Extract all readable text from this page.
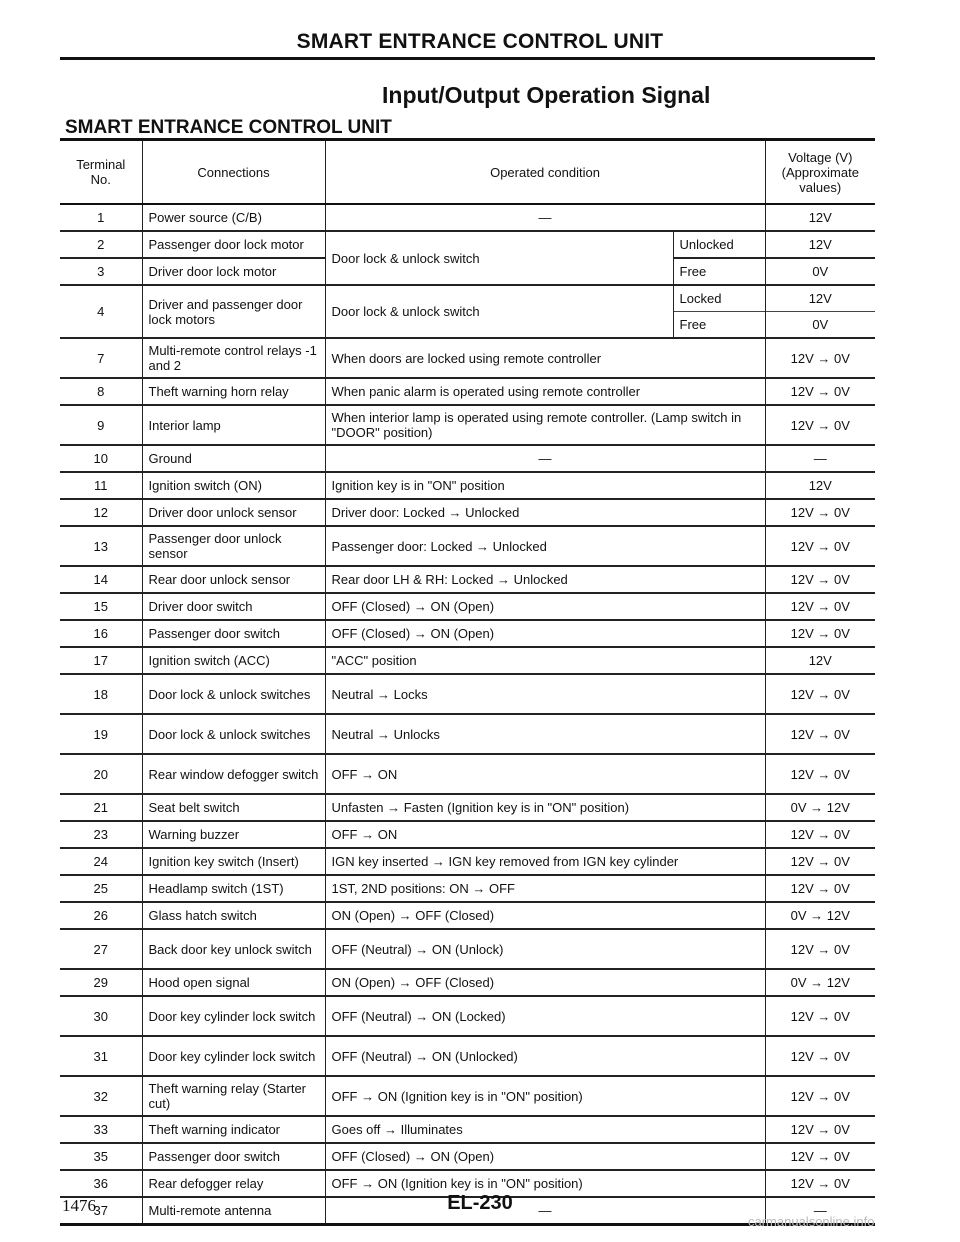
SMART ENTRANCE CONTROL UNIT
Input/Output Operation Signal
SMART ENTRANCE CONTROL UNIT
Terminal No.	Connections	Operated condition		Voltage (V) (Approximate values)
1	Power source (C/B)	—		12V
2	Passenger door lock motor	Door lock & unlock switch	Unlocked	12V
3	Driver door lock motor		Free	0V
4	Driver and passenger door lock motors	Door lock & unlock switch	Locked	12V
			Free	0V
7	Multi-remote control relays -1 and 2	When doors are locked using remote controller		12V → 0V
8	Theft warning horn relay	When panic alarm is operated using remote controller		12V → 0V
9	Interior lamp	When interior lamp is operated using remote controller. (Lamp switch in "DOOR" position)		12V → 0V
10	Ground	—		—
11	Ignition switch (ON)	Ignition key is in "ON" position		12V
12	Driver door unlock sensor	Driver door: Locked → Unlocked		12V → 0V
13	Passenger door unlock sensor	Passenger door: Locked → Unlocked		12V → 0V
14	Rear door unlock sensor	Rear door LH & RH: Locked → Unlocked		12V → 0V
15	Driver door switch	OFF (Closed) → ON (Open)		12V → 0V
16	Passenger door switch	OFF (Closed) → ON (Open)		12V → 0V
17	Ignition switch (ACC)	"ACC" position		12V
18	Door lock & unlock switches	Neutral → Locks		12V → 0V
19	Door lock & unlock switches	Neutral → Unlocks		12V → 0V
20	Rear window defogger switch	OFF → ON		12V → 0V
21	Seat belt switch	Unfasten → Fasten (Ignition key is in "ON" position)		0V → 12V
23	Warning buzzer	OFF → ON		12V → 0V
24	Ignition key switch (Insert)	IGN key inserted → IGN key removed from IGN key cylinder		12V → 0V
25	Headlamp switch (1ST)	1ST, 2ND positions: ON → OFF		12V → 0V
26	Glass hatch switch	ON (Open) → OFF (Closed)		0V → 12V
27	Back door key unlock switch	OFF (Neutral) → ON (Unlock)		12V → 0V
29	Hood open signal	ON (Open) → OFF (Closed)		0V → 12V
30	Door key cylinder lock switch	OFF (Neutral) → ON (Locked)		12V → 0V
31	Door key cylinder lock switch	OFF (Neutral) → ON (Unlocked)		12V → 0V
32	Theft warning relay (Starter cut)	OFF → ON (Ignition key is in "ON" position)		12V → 0V
33	Theft warning indicator	Goes off → Illuminates		12V → 0V
35	Passenger door switch	OFF (Closed) → ON (Open)		12V → 0V
36	Rear defogger relay	OFF → ON (Ignition key is in "ON" position)		12V → 0V
37	Multi-remote antenna	—		—
1476	EL-230
carmanualsonline.info
